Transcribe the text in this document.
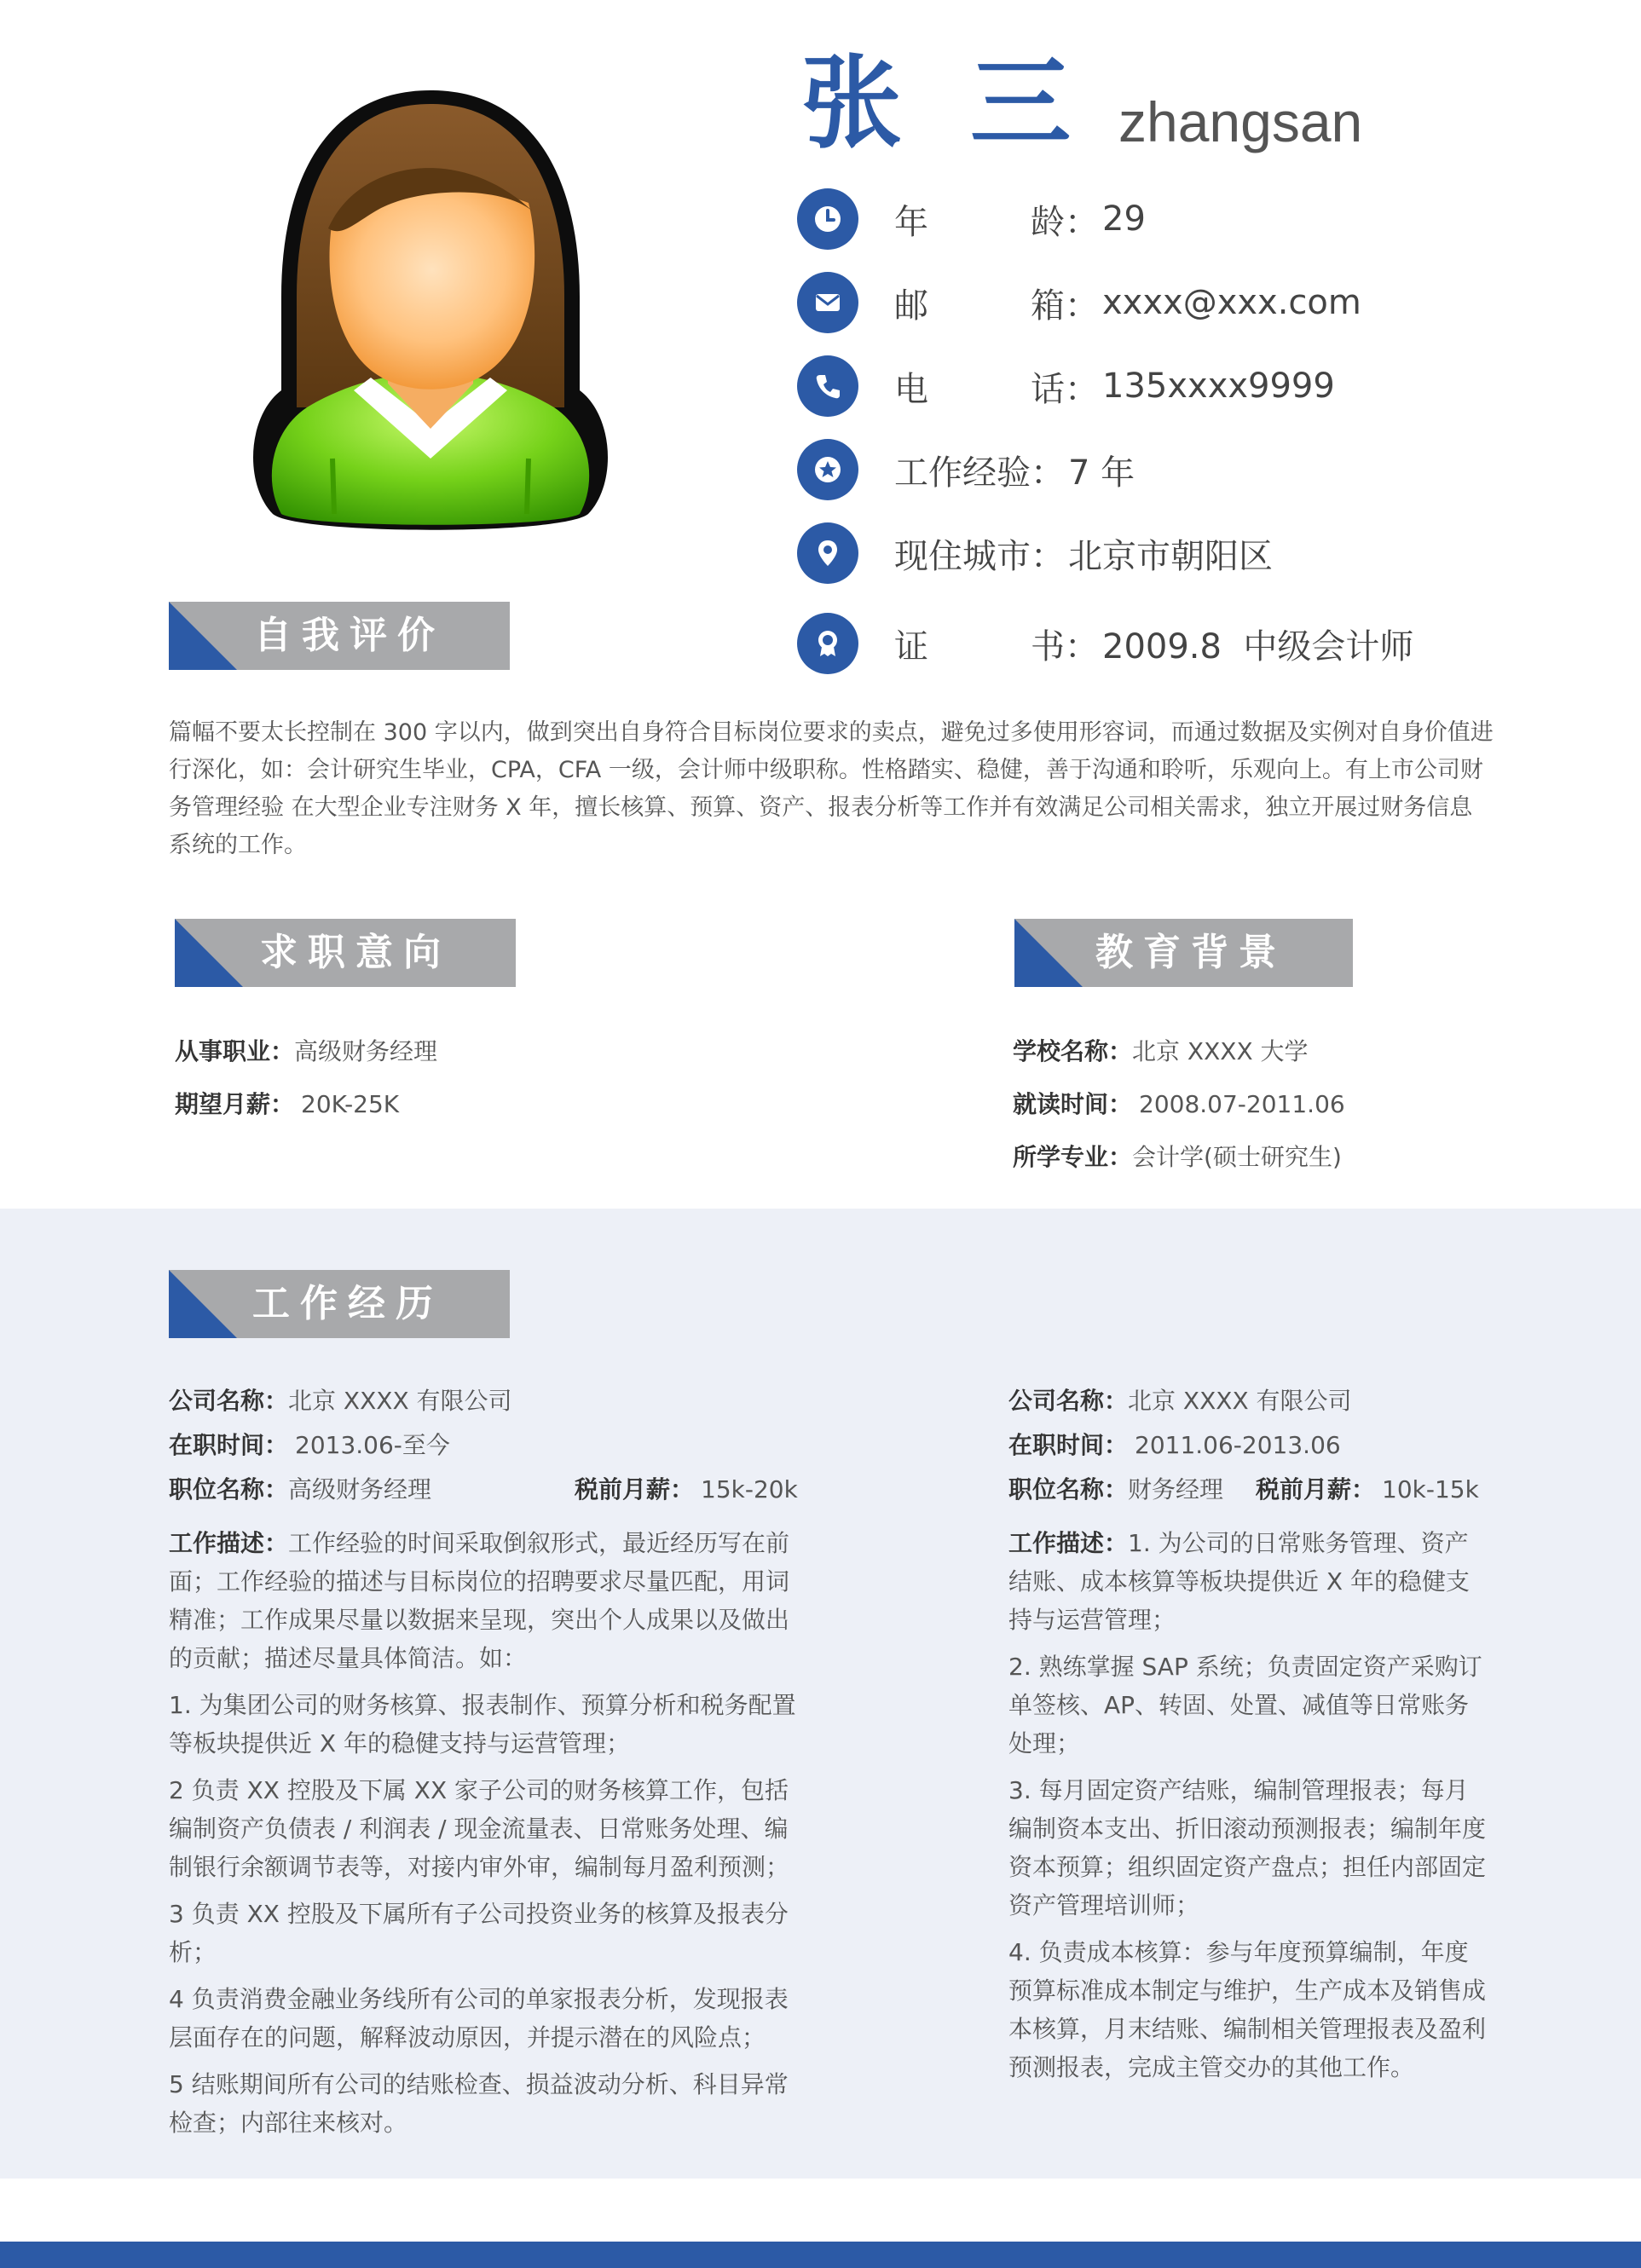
张 三 zhangsan
年	龄 ： 29
邮	箱 ： xxxx@xxx.com
电	话 ： 135xxxx9999
工作经验 ： 7 年
现住城市 ： 北京市朝阳区
证	书 ： 2009.8  中级会计师
自我评价
篇幅不要太长控制在 300 字以内，做到突出自身符合目标岗位要求的卖点，避免过多使用形容词，而通过数据及实例对自身价值进行深化，如：会计研究生毕业，CPA，CFA 一级，会计师中级职称。性格踏实、稳健，善于沟通和聆听，乐观向上。有上市公司财务管理经验 在大型企业专注财务 X 年，擅长核算、预算、资产、报表分析等工作并有效满足公司相关需求，独立开展过财务信息系统的工作。
求职意向
从事职业：高级财务经理
期望月薪： 20K-25K
教育背景
学校名称：北京 XXXX 大学
就读时间： 2008.07-2011.06
所学专业：会计学(硕士研究生)
工作经历
公司名称：北京 XXXX 有限公司
在职时间： 2013.06-至今
职位名称：高级财务经理	税前月薪： 15k-20k

工作描述：工作经验的时间采取倒叙形式，最近经历写在前面；工作经验的描述与目标岗位的招聘要求尽量匹配，用词精准；工作成果尽量以数据来呈现，突出个人成果以及做出的贡献；描述尽量具体简洁。如：

1. 为集团公司的财务核算、报表制作、预算分析和税务配置等板块提供近 X 年的稳健支持与运营管理；

2 负责 XX 控股及下属 XX 家子公司的财务核算工作，包括编制资产负债表 / 利润表 / 现金流量表、日常账务处理、编制银行余额调节表等，对接内审外审，编制每月盈利预测；

3 负责 XX 控股及下属所有子公司投资业务的核算及报表分析；

4 负责消费金融业务线所有公司的单家报表分析，发现报表层面存在的问题，解释波动原因，并提示潜在的风险点；

5 结账期间所有公司的结账检查、损益波动分析、科目异常检查；内部往来核对。

公司名称：北京 XXXX 有限公司
在职时间： 2011.06-2013.06
职位名称：财务经理 税前月薪： 10k-15k

工作描述：1. 为公司的日常账务管理、资产结账、成本核算等板块提供近 X 年的稳健支持与运营管理；

2. 熟练掌握 SAP 系统；负责固定资产采购订单签核、AP、转固、处置、减值等日常账务处理；

3. 每月固定资产结账，编制管理报表；每月编制资本支出、折旧滚动预测报表；编制年度资本预算；组织固定资产盘点；担任内部固定资产管理培训师；

4. 负责成本核算：参与年度预算编制，年度预算标准成本制定与维护，生产成本及销售成本核算，月末结账、编制相关管理报表及盈利预测报表，完成主管交办的其他工作。
